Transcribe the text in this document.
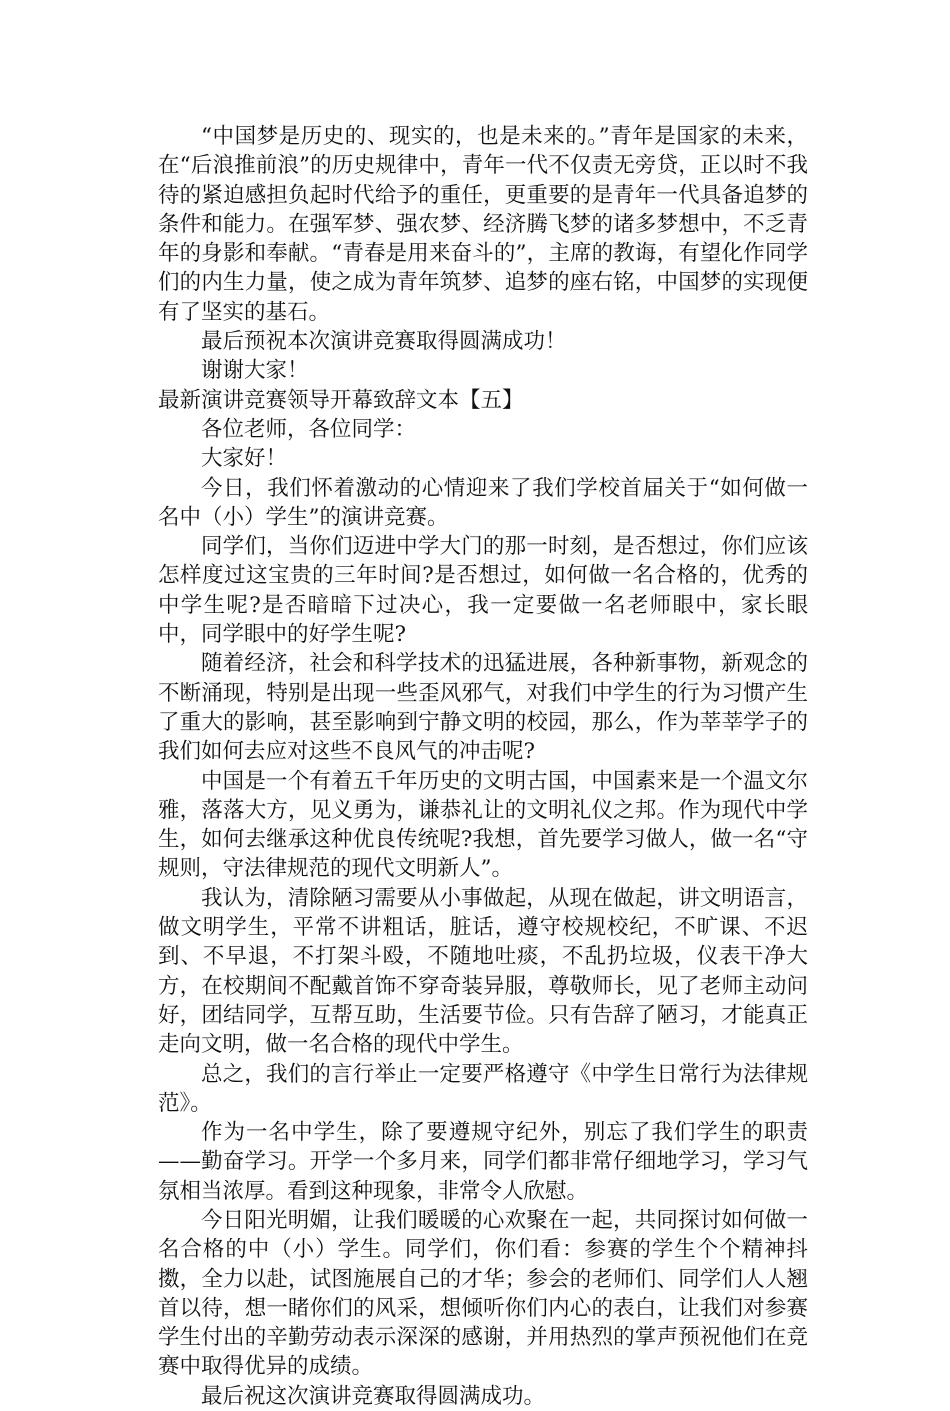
“中国梦是历史的、现实的，也是未来的。”青年是国家的未来，在“后浪推前浪”的历史规律中，青年一代不仅责无旁贷，正以时不我待的紧迫感担负起时代给予的重任，更重要的是青年一代具备追梦的条件和能力。在强军梦、强农梦、经济腾飞梦的诸多梦想中，不乏青年的身影和奉献。“青春是用来奋斗的”，主席的教诲，有望化作同学们的内生力量，使之成为青年筑梦、追梦的座右铭，中国梦的实现便有了坚实的基石。

最后预祝本次演讲竞赛取得圆满成功！

谢谢大家！

最新演讲竞赛领导开幕致辞文本【五】

各位老师，各位同学：

大家好！

今日，我们怀着激动的心情迎来了我们学校首届关于“如何做一名中（小）学生”的演讲竞赛。

同学们，当你们迈进中学大门的那一时刻，是否想过，你们应该怎样度过这宝贵的三年时间?是否想过，如何做一名合格的，优秀的中学生呢?是否暗暗下过决心，我一定要做一名老师眼中，家长眼中，同学眼中的好学生呢?

随着经济，社会和科学技术的迅猛进展，各种新事物，新观念的不断涌现，特别是出现一些歪风邪气，对我们中学生的行为习惯产生了重大的影响，甚至影响到宁静文明的校园，那么，作为莘莘学子的我们如何去应对这些不良风气的冲击呢?

中国是一个有着五千年历史的文明古国，中国素来是一个温文尔雅，落落大方，见义勇为，谦恭礼让的文明礼仪之邦。作为现代中学生，如何去继承这种优良传统呢?我想，首先要学习做人，做一名“守规则，守法律规范的现代文明新人”。

我认为，清除陋习需要从小事做起，从现在做起，讲文明语言，做文明学生，平常不讲粗话，脏话，遵守校规校纪，不旷课、不迟到、不早退，不打架斗殴，不随地吐痰，不乱扔垃圾，仪表干净大方，在校期间不配戴首饰不穿奇装异服，尊敬师长，见了老师主动问好，团结同学，互帮互助，生活要节俭。只有告辞了陋习，才能真正走向文明，做一名合格的现代中学生。

总之，我们的言行举止一定要严格遵守《中学生日常行为法律规范》。

作为一名中学生，除了要遵规守纪外，别忘了我们学生的职责——勤奋学习。开学一个多月来，同学们都非常仔细地学习，学习气氛相当浓厚。看到这种现象，非常令人欣慰。

今日阳光明媚，让我们暖暖的心欢聚在一起，共同探讨如何做一名合格的中（小）学生。同学们，你们看：参赛的学生个个精神抖擞，全力以赴，试图施展自己的才华；参会的老师们、同学们人人翘首以待，想一睹你们的风采，想倾听你们内心的表白，让我们对参赛学生付出的辛勤劳动表示深深的感谢，并用热烈的掌声预祝他们在竞赛中取得优异的成绩。

最后祝这次演讲竞赛取得圆满成功。
